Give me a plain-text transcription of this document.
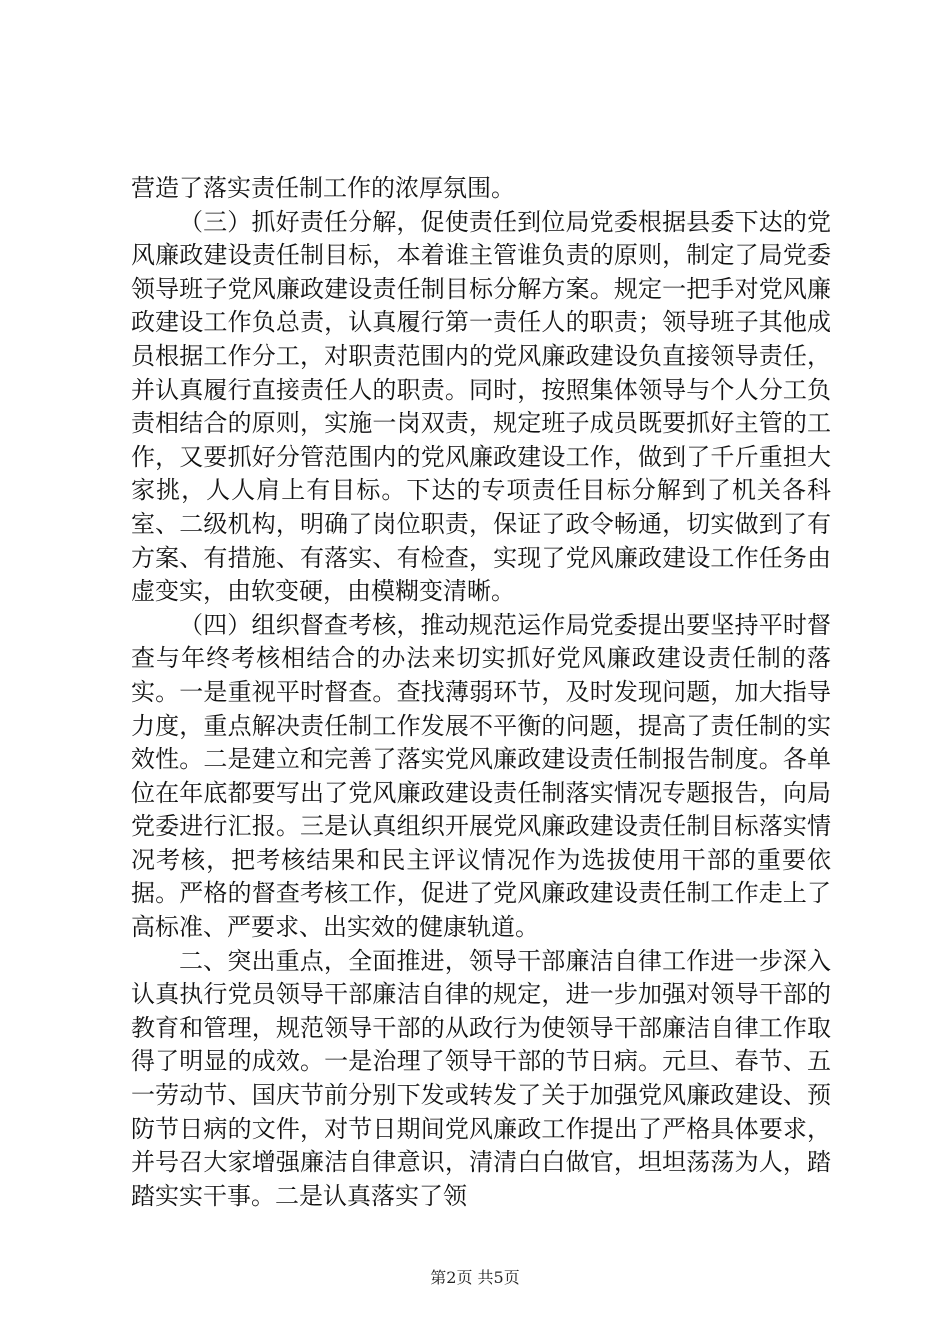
营造了落实责任制工作的浓厚氛围。

（三）抓好责任分解，促使责任到位局党委根据县委下达的党风廉政建设责任制目标，本着谁主管谁负责的原则，制定了局党委领导班子党风廉政建设责任制目标分解方案。规定一把手对党风廉政建设工作负总责，认真履行第一责任人的职责；领导班子其他成员根据工作分工，对职责范围内的党风廉政建设负直接领导责任，并认真履行直接责任人的职责。同时，按照集体领导与个人分工负责相结合的原则，实施一岗双责，规定班子成员既要抓好主管的工作，又要抓好分管范围内的党风廉政建设工作，做到了千斤重担大家挑，人人肩上有目标。下达的专项责任目标分解到了机关各科室、二级机构，明确了岗位职责，保证了政令畅通，切实做到了有方案、有措施、有落实、有检查，实现了党风廉政建设工作任务由虚变实，由软变硬，由模糊变清晰。

（四）组织督查考核，推动规范运作局党委提出要坚持平时督查与年终考核相结合的办法来切实抓好党风廉政建设责任制的落实。一是重视平时督查。查找薄弱环节，及时发现问题，加大指导力度，重点解决责任制工作发展不平衡的问题，提高了责任制的实效性。二是建立和完善了落实党风廉政建设责任制报告制度。各单位在年底都要写出了党风廉政建设责任制落实情况专题报告，向局党委进行汇报。三是认真组织开展党风廉政建设责任制目标落实情况考核，把考核结果和民主评议情况作为选拔使用干部的重要依据。严格的督查考核工作，促进了党风廉政建设责任制工作走上了高标准、严要求、出实效的健康轨道。

二、突出重点，全面推进，领导干部廉洁自律工作进一步深入认真执行党员领导干部廉洁自律的规定，进一步加强对领导干部的教育和管理，规范领导干部的从政行为使领导干部廉洁自律工作取得了明显的成效。一是治理了领导干部的节日病。元旦、春节、五一劳动节、国庆节前分别下发或转发了关于加强党风廉政建设、预防节日病的文件，对节日期间党风廉政工作提出了严格具体要求，并号召大家增强廉洁自律意识，清清白白做官，坦坦荡荡为人，踏踏实实干事。二是认真落实了领

第2页 共5页
